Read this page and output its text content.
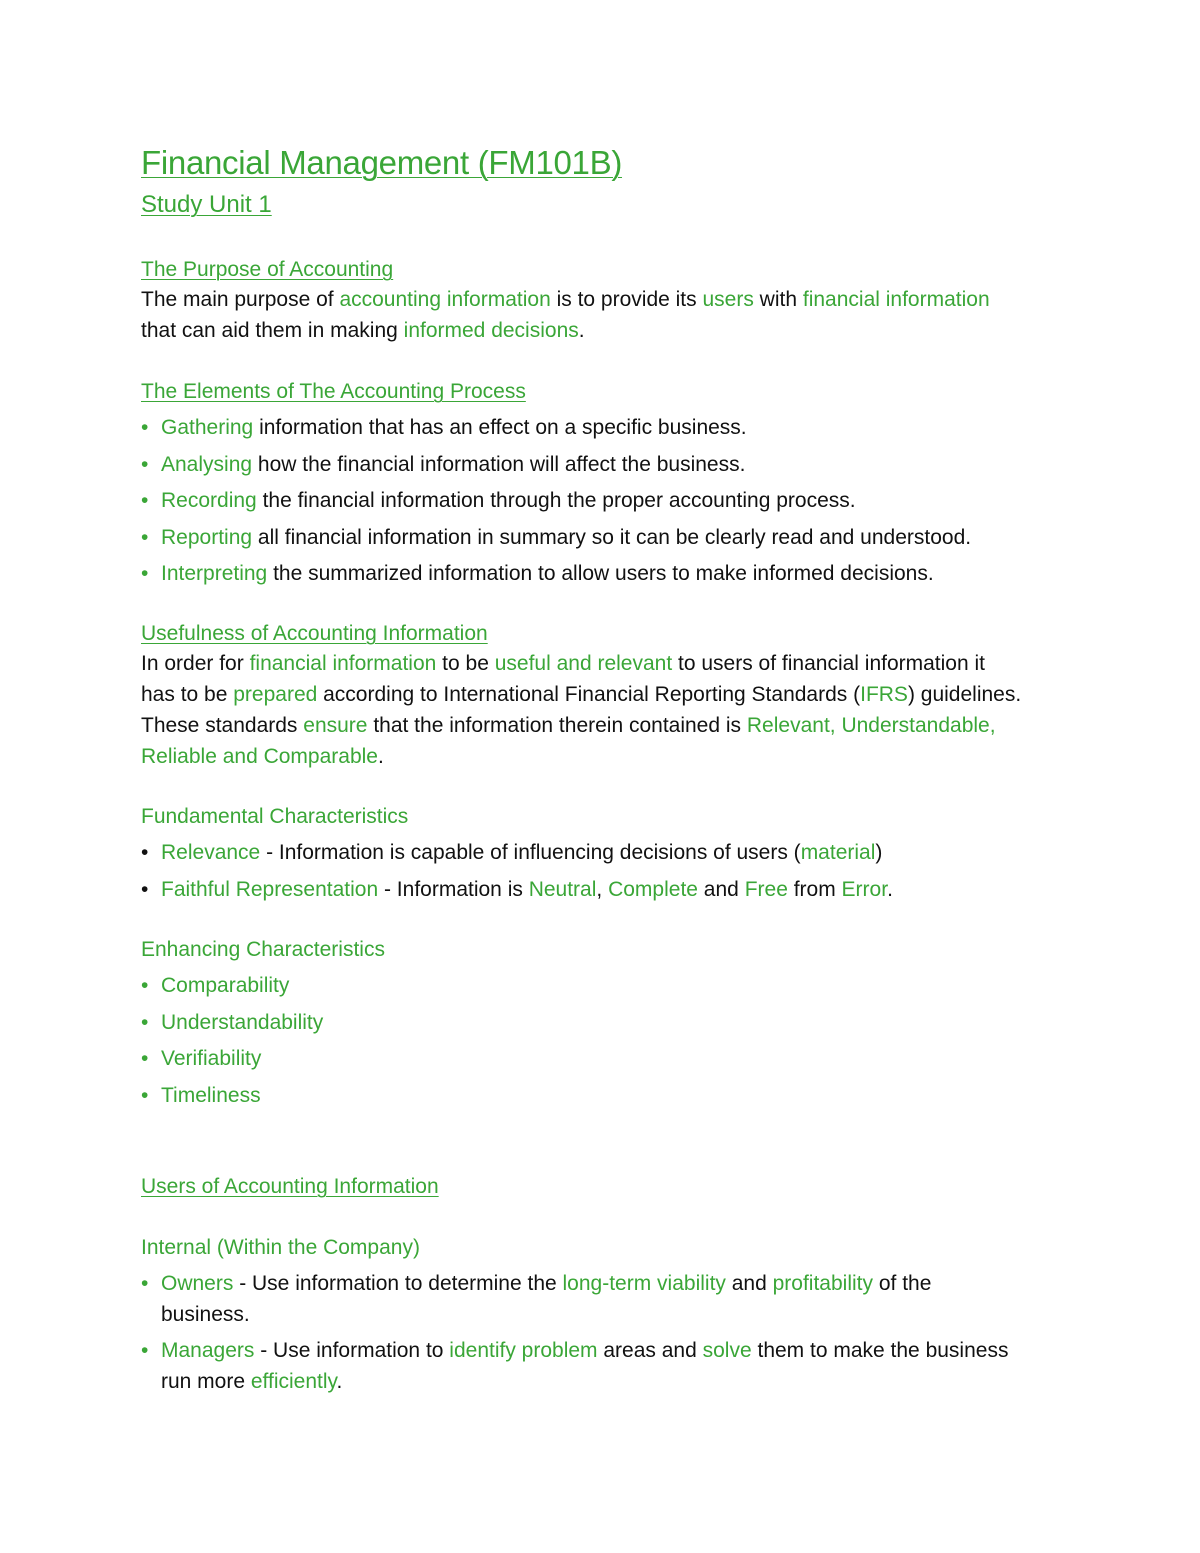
Financial Management (FM101B)
Study Unit 1
The Purpose of Accounting
The main purpose of accounting information is to provide its users with financial information
that can aid them in making informed decisions.
The Elements of The Accounting Process
• Gathering information that has an effect on a specific business.
• Analysing how the financial information will affect the business.
• Recording the financial information through the proper accounting process.
• Reporting all financial information in summary so it can be clearly read and understood.
• Interpreting the summarized information to allow users to make informed decisions.
Usefulness of Accounting Information
In order for financial information to be useful and relevant to users of financial information it
has to be prepared according to International Financial Reporting Standards (IFRS) guidelines.
These standards ensure that the information therein contained is Relevant, Understandable,
Reliable and Comparable.
Fundamental Characteristics
• Relevance - Information is capable of influencing decisions of users (material)
• Faithful Representation - Information is Neutral, Complete and Free from Error.
Enhancing Characteristics
• Comparability
• Understandability
• Verifiability
• Timeliness
Users of Accounting Information
Internal (Within the Company)
• Owners - Use information to determine the long-term viability and profitability of the
business.
• Managers - Use information to identify problem areas and solve them to make the business
run more efficiently.
